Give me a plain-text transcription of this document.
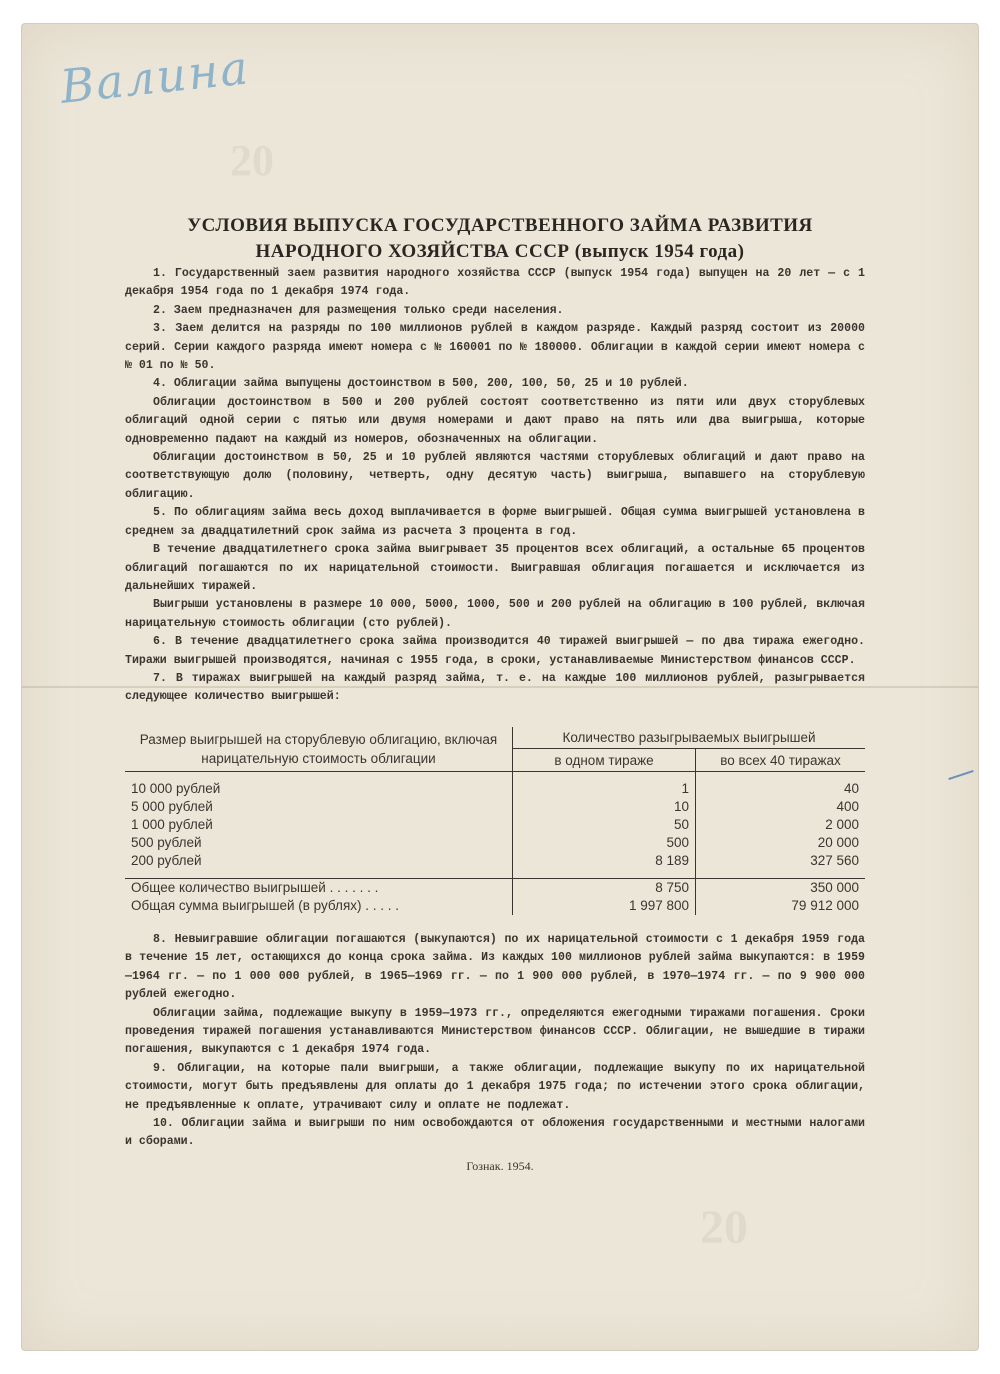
20
20
Валина
УСЛОВИЯ ВЫПУСКА ГОСУДАРСТВЕННОГО ЗАЙМА РАЗВИТИЯ
НАРОДНОГО ХОЗЯЙСТВА СССР (выпуск 1954 года)

1. Государственный заем развития народного хозяйства СССР (выпуск 1954 года) выпущен на 20 лет — с 1 декабря 1954 года по 1 декабря 1974 года.

2. Заем предназначен для размещения только среди населения.

3. Заем делится на разряды по 100 миллионов рублей в каждом разряде. Каждый разряд состоит из 20000 серий. Серии каждого разряда имеют номера с № 160001 по № 180000. Облигации в каждой серии имеют номера с № 01 по № 50.

4. Облигации займа выпущены достоинством в 500, 200, 100, 50, 25 и 10 рублей.

Облигации достоинством в 500 и 200 рублей состоят соответственно из пяти или двух сторублевых облигаций одной серии с пятью или двумя номерами и дают право на пять или два выигрыша, которые одновременно падают на каждый из номеров, обозначенных на облигации.

Облигации достоинством в 50, 25 и 10 рублей являются частями сторублевых облигаций и дают право на соответствующую долю (половину, четверть, одну десятую часть) выигрыша, выпавшего на сторублевую облигацию.

5. По облигациям займа весь доход выплачивается в форме выигрышей. Общая сумма выигрышей установлена в среднем за двадцатилетний срок займа из расчета 3 процента в год.

В течение двадцатилетнего срока займа выигрывает 35 процентов всех облигаций, а остальные 65 процентов облигаций погашаются по их нарицательной стоимости. Выигравшая облигация погашается и исключается из дальнейших тиражей.

Выигрыши установлены в размере 10 000, 5000, 1000, 500 и 200 рублей на облигацию в 100 рублей, включая нарицательную стоимость облигации (сто рублей).

6. В течение двадцатилетнего срока займа производится 40 тиражей выигрышей — по два тиража ежегодно. Тиражи выигрышей производятся, начиная с 1955 года, в сроки, устанавливаемые Министерством финансов СССР.

7. В тиражах выигрышей на каждый разряд займа, т. е. на каждые 100 миллионов рублей, разыгрывается следующее количество выигрышей:

Размер выигрышей на сторублевую облигацию, включая нарицательную стоимость облигации	Количество разыгрываемых выигрышей	
	в одном тираже	во всех 40 тиражах
10 000 рублей	1	40
5 000 рублей	10	400
1 000 рублей	50	2 000
500 рублей	500	20 000
200 рублей	8 189	327 560

Общее количество выигрышей . . . . . . .	8 750	350 000
Общая сумма выигрышей (в рублях) . . . . .	1 997 800	79 912 000

8. Невыигравшие облигации погашаются (выкупаются) по их нарицательной стоимости с 1 декабря 1959 года в течение 15 лет, остающихся до конца срока займа. Из каждых 100 миллионов рублей займа выкупаются: в 1959—1964 гг. — по 1 000 000 рублей, в 1965—1969 гг. — по 1 900 000 рублей, в 1970—1974 гг. — по 9 900 000 рублей ежегодно.

Облигации займа, подлежащие выкупу в 1959—1973 гг., определяются ежегодными тиражами погашения. Сроки проведения тиражей погашения устанавливаются Министерством финансов СССР. Облигации, не вышедшие в тиражи погашения, выкупаются с 1 декабря 1974 года.

9. Облигации, на которые пали выигрыши, а также облигации, подлежащие выкупу по их нарицательной стоимости, могут быть предъявлены для оплаты до 1 декабря 1975 года; по истечении этого срока облигации, не предъявленные к оплате, утрачивают силу и оплате не подлежат.

10. Облигации займа и выигрыши по ним освобождаются от обложения государственными и местными налогами и сборами.

Гознак. 1954.
